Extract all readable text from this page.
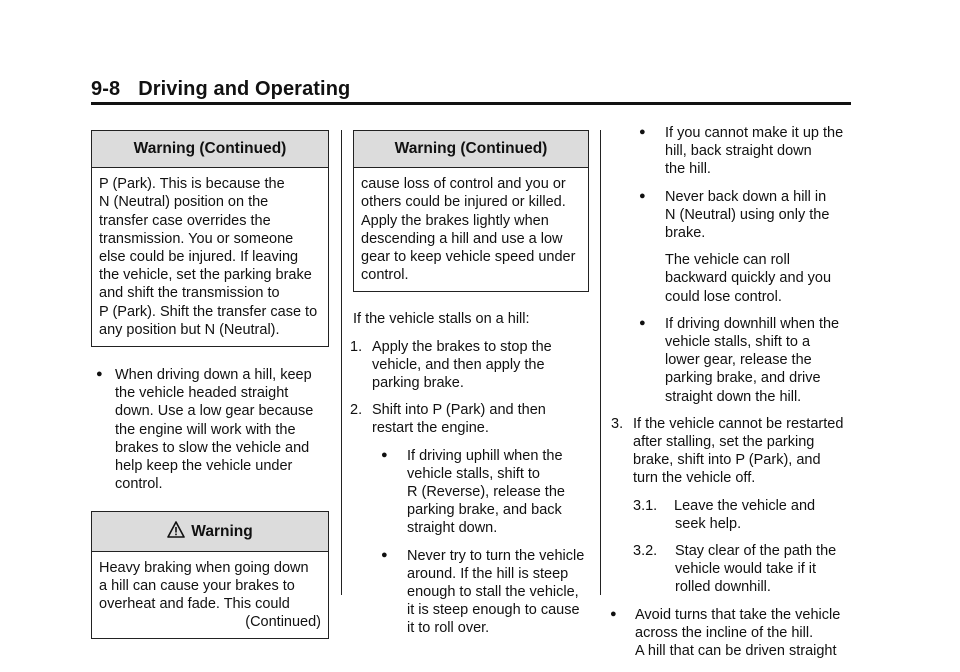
9-8 Driving and Operating
Warning (Continued)
P (Park). This is because the
N (Neutral) position on the
transfer case overrides the
transmission. You or someone
else could be injured. If leaving
the vehicle, set the parking brake
and shift the transmission to
P (Park). Shift the transfer case to
any position but N (Neutral).
● When driving down a hill, keep
the vehicle headed straight
down. Use a low gear because
the engine will work with the
brakes to slow the vehicle and
help keep the vehicle under
control.
Warning
Heavy braking when going down
a hill can cause your brakes to
overheat and fade. This could
(Continued)
Warning (Continued)
cause loss of control and you or
others could be injured or killed.
Apply the brakes lightly when
descending a hill and use a low
gear to keep vehicle speed under
control.
If the vehicle stalls on a hill:
1. Apply the brakes to stop the
vehicle, and then apply the
parking brake.
2. Shift into P (Park) and then
restart the engine.
● If driving uphill when the
vehicle stalls, shift to
R (Reverse), release the
parking brake, and back
straight down.
● Never try to turn the vehicle
around. If the hill is steep
enough to stall the vehicle,
it is steep enough to cause
it to roll over.
● If you cannot make it up the
hill, back straight down
the hill.
● Never back down a hill in
N (Neutral) using only the
brake.
The vehicle can roll
backward quickly and you
could lose control.
● If driving downhill when the
vehicle stalls, shift to a
lower gear, release the
parking brake, and drive
straight down the hill.
3. If the vehicle cannot be restarted
after stalling, set the parking
brake, shift into P (Park), and
turn the vehicle off.
3.1. Leave the vehicle and
seek help.
3.2. Stay clear of the path the
vehicle would take if it
rolled downhill.
● Avoid turns that take the vehicle
across the incline of the hill.
A hill that can be driven straight
